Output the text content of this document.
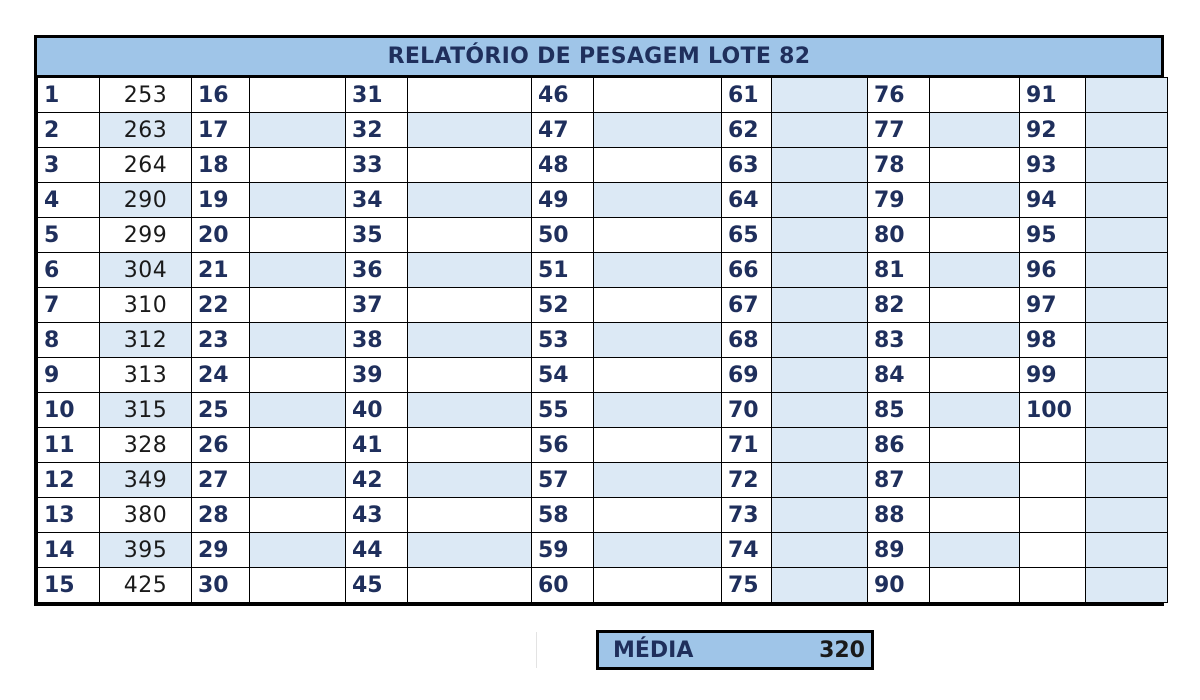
RELATÓRIO DE PESAGEM LOTE 82
1	253	16		31		46		61		76		91	
2	263	17		32		47		62		77		92	
3	264	18		33		48		63		78		93	
4	290	19		34		49		64		79		94	
5	299	20		35		50		65		80		95	
6	304	21		36		51		66		81		96	
7	310	22		37		52		67		82		97	
8	312	23		38		53		68		83		98	
9	313	24		39		54		69		84		99	
10	315	25		40		55		70		85		100	
11	328	26		41		56		71		86			
12	349	27		42		57		72		87			
13	380	28		43		58		73		88			
14	395	29		44		59		74		89			
15	425	30		45		60		75		90			
MÉDIA	320
